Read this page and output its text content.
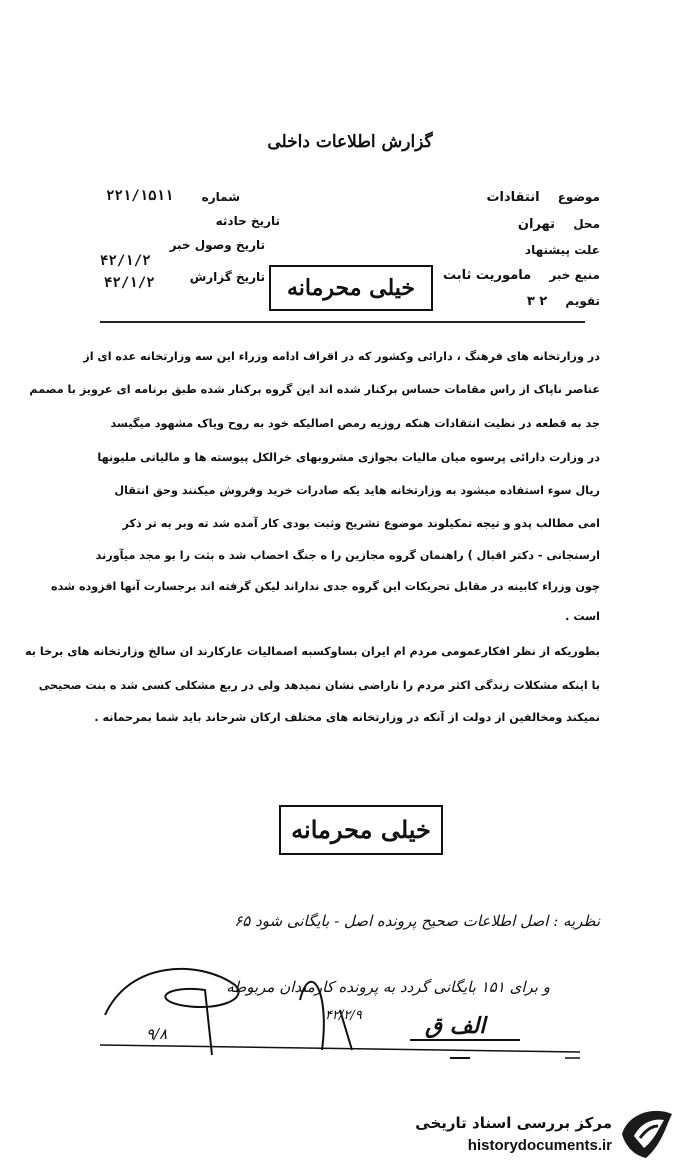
گزارش اطلاعات داخلی
شماره
۲۲۱/۱۵۱۱
تاریخ حادثه
تاریخ وصول خبر
۴۲/۱/۲
تاریخ گزارش
۴۲/۱/۲
موضوع انتقادات
محل تهران
علت پیشنهاد
منبع خبر ماموریت ثابت
تقویم ۲ ۳
خیلی محرمانه
در وزارتخانه های فرهنگ ، دارائی وکشور که در اقراف ادامه وزراء این سه وزارتخانه عده ای از
عناصر ناپاک از راس مقامات حساس برکنار شده اند این گروه برکنار شده طبق برنامه ای عرویز با مصمم
جد به قطعه در نظیت انتقادات هنکه روزیه رمص اصالیکه خود به روح ویاک مشهود میگیسد
در وزارت دارائی پرسوه میان مالیات بجوازی مشروبهای خرالکل پیوسته ها و مالیاتی ملیونها
ریال سوء استفاده میشود به وزارتخانه هاید یکه صادرات خرید وفروش میکنند وحق انتقال
امی مطالب پدو و تیجه تمکیلوند موضوع تشریح وثبت بودی کار آمده شد ته وبر به تر ذکر
ارسنجانی - دکتر اقبال ) راهنمان گروه مجازین را ه جنگ احصاب شد ه بثت را بو مجد میآورند
چون وزراء کابینه در مقابل تحریکات این گروه جدی نداراند لیکن گرفته اند برجسارت آنها افزوده شده
است .
بطوریکه از نظر افکارعمومی مردم ام ایران بساوکسبه اصمالیات عارکارند ان سالخ وزارتخانه های برخا به
با اینکه مشکلات زندگی اکثر مردم را ناراضی نشان نمیدهد ولی در ربع مشکلی کسی شد ه بنت صحیحی
نمیکند ومخالفین از دولت از آنکه در وزارتخانه های مختلف ارکان شرحاند باید شما بمرحمانه .
خیلی محرمانه
نظریه : اصل اطلاعات صحیح پرونده اصل - بایگانی شود ۶۵
و برای ۱۵۱ بایگانی گردد به پرونده کارمندان مربوطه
الف ق
۹/۸
۴۲/۲/۹
مرکز بررسی اسناد تاریخی
historydocuments.ir
